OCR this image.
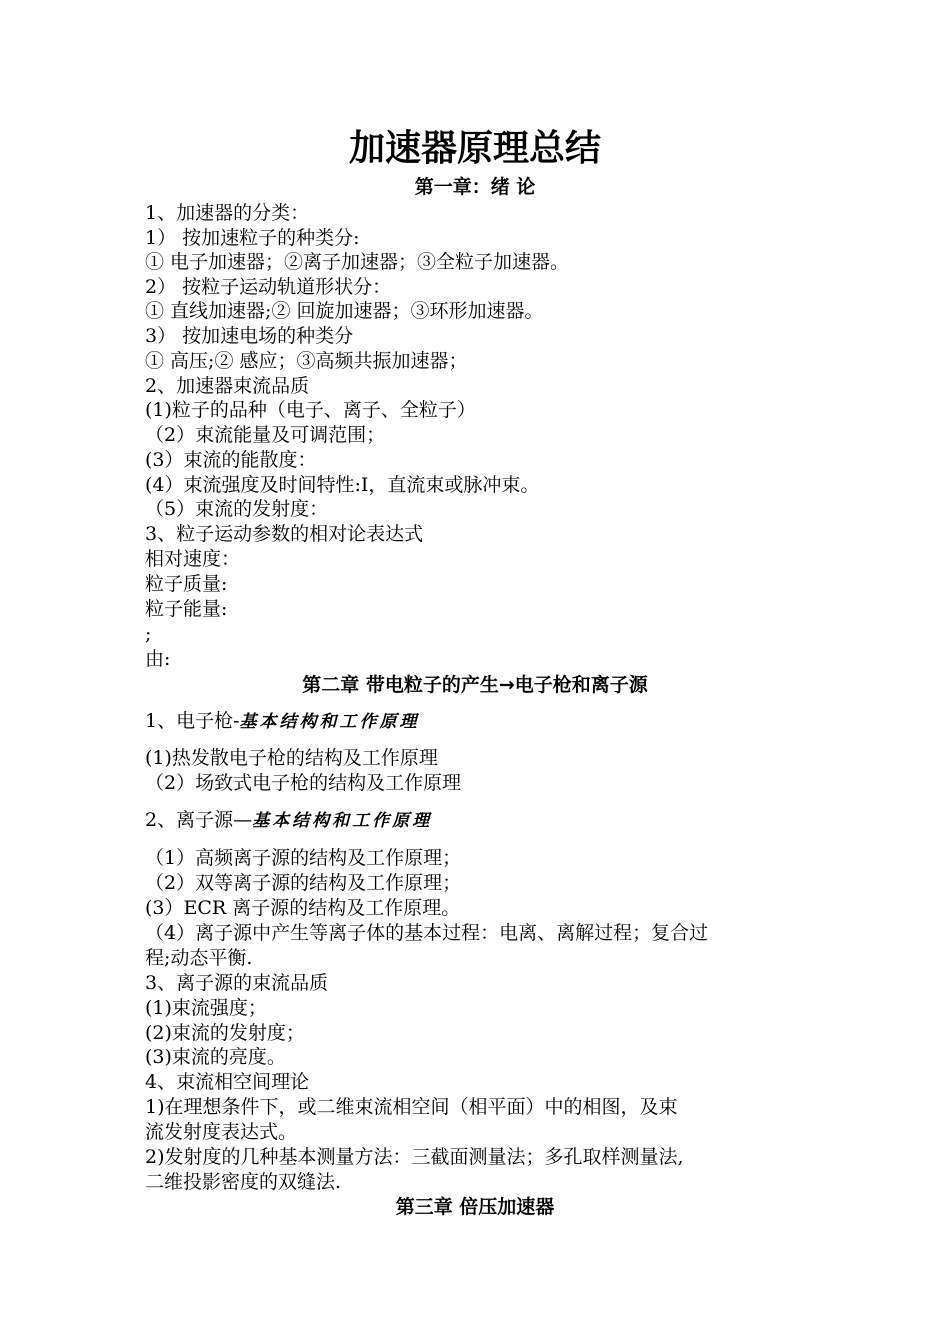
加速器原理总结
第一章：绪 论
1、加速器的分类：
1） 按加速粒子的种类分:
① 电子加速器；②离子加速器；③全粒子加速器。
2） 按粒子运动轨道形状分：
① 直线加速器;② 回旋加速器；③环形加速器。
3） 按加速电场的种类分
① 高压;② 感应；③高频共振加速器；
2、加速器束流品质
(1)粒子的品种（电子、离子、全粒子）
（2）束流能量及可调范围；
(3）束流的能散度：
(4）束流强度及时间特性:I，直流束或脉冲束。
（5）束流的发射度：
3、粒子运动参数的相对论表达式
相对速度：
粒子质量:
粒子能量:
;
由:
第二章 带电粒子的产生→电子枪和离子源
1、电子枪-基本结构和工作原理
(1)热发散电子枪的结构及工作原理
（2）场致式电子枪的结构及工作原理
2、离子源—基本结构和工作原理
（1）高频离子源的结构及工作原理；
（2）双等离子源的结构及工作原理；
(3）ECR 离子源的结构及工作原理。
（4）离子源中产生等离子体的基本过程：电离、离解过程；复合过
程;动态平衡.
3、离子源的束流品质
(1)束流强度；
(2)束流的发射度；
(3)束流的亮度。
4、束流相空间理论
1)在理想条件下，或二维束流相空间（相平面）中的相图，及束
流发射度表达式。
2)发射度的几种基本测量方法：三截面测量法；多孔取样测量法,
二维投影密度的双缝法.
第三章 倍压加速器
